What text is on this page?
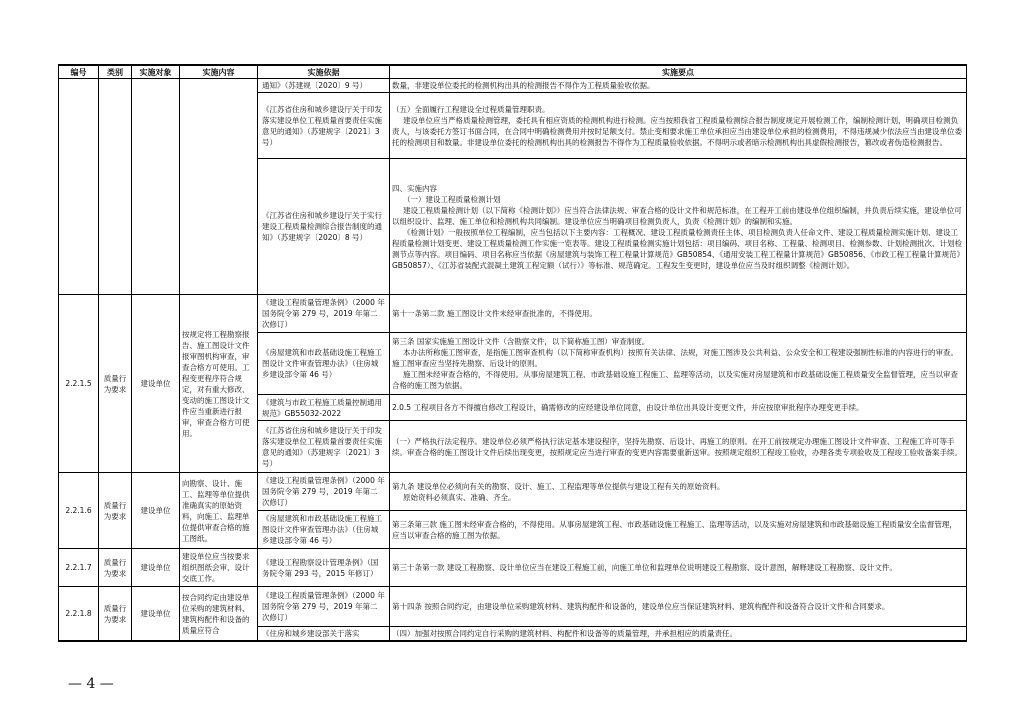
编号	类别	实施对象	实施内容	实施依据	实施要点
				通知》（苏建规〔2020〕9 号）	数量，非建设单位委托的检测机构出具的检测报告不得作为工程质量验收依据。
				《江苏省住房和城乡建设厅关于印发落实建设单位工程质量首要责任实施意见的通知》（苏建规字〔2021〕3 号）	（五）全面履行工程建设全过程质量管理职责。
建设单位应当严格质量检测管理，委托具有相应资质的检测机构进行检测。应当按照我省工程质量检测综合报告制度规定开展检测工作，编制检测计划，明确项目检测负责人，与该委托方签订书面合同，在合同中明确检测费用并按时足额支付。禁止变相要求施工单位承担应当由建设单位承担的检测费用，不得违规减少依法应当由建设单位委托的检测项目和数量。非建设单位委托的检测机构出具的检测报告不得作为工程质量验收依据。不得明示或者暗示检测机构出具虚假检测报告，篡改或者伪造检测报告。

				《江苏省住房和城乡建设厅关于实行建设工程质量检测综合报告制度的通知》（苏建规字〔2020〕8 号）	四、实施内容
（一）建设工程质量检测计划
建设工程质量检测计划（以下简称《检测计划》）应当符合法律法规、审查合格的设计文件和规范标准，在工程开工前由建设单位组织编制，并负责后续实施，建设单位可以组织设计、监理、施工单位和检测机构共同编制。建设单位应当明确项目检测负责人，负责《检测计划》的编制和实施。
《检测计划》一般按照单位工程编制，应当包括以下主要内容：工程概况、建设工程质量检测责任主体、项目检测负责人任命文件、建设工程质量检测实施计划、建设工程质量检测计划变更、建设工程质量检测工作实施一览表等。建设工程质量检测实施计划包括：项目编码、项目名称、工程量、检测项目、检测参数、计划检测批次、计划检测节点等内容。项目编码、项目名称应当依据《房屋建筑与装饰工程工程量计算规范》GB50854、《通用安装工程工程量计算规范》GB50856、《市政工程工程量计算规范》GB50857）、《江苏省装配式混凝土建筑工程定额（试行）》等标准、规范确定。工程发生变更时，建设单位应当及时组织调整《检测计划》。

2.2.1.5	质量行为要求	建设单位	按规定将工程勘察报告、施工图设计文件报审图机构审查，审查合格方可使用。工程变更程序符合规定，对有重大修改、变动的施工图设计文件应当重新进行报审，审查合格方可使用。	《建设工程质量管理条例》（2000 年国务院令第 279 号，2019 年第二次修订）	第十一条第二款 施工图设计文件未经审查批准的，不得使用。
				《房屋建筑和市政基础设施工程施工图设计文件审查管理办法》（住房城乡建设部令第 46 号）	第三条 国家实施施工图设计文件（含勘察文件，以下简称施工图）审查制度。
本办法所称施工图审查，是指施工图审查机构（以下简称审查机构）按照有关法律、法规，对施工图涉及公共利益、公众安全和工程建设强制性标准的内容进行的审查。施工图审查应当坚持先勘察、后设计的原则。
施工图未经审查合格的，不得使用。从事房屋建筑工程、市政基础设施工程施工、监理等活动，以及实施对房屋建筑和市政基础设施工程质量安全监督管理，应当以审查合格的施工图为依据。

				《建筑与市政工程施工质量控制通用规范》GB55032-2022	2.0.5 工程项目各方不得擅自修改工程设计，确需修改的应经建设单位同意，由设计单位出具设计变更文件，并应按原审批程序办理变更手续。
				《江苏省住房和城乡建设厅关于印发落实建设单位工程质量首要责任实施意见的通知》（苏建规字〔2021〕3 号）	（一）严格执行法定程序。建设单位必须严格执行法定基本建设程序，坚持先勘察、后设计、再施工的原则。在开工前按规定办理施工图设计文件审查、工程施工许可等手续。审查合格的施工图设计文件后续出现变更，按照规定应当进行审查的变更内容需要重新送审。按照规定组织工程竣工验收，办理各类专项验收及工程竣工验收备案手续。
2.2.1.6	质量行为要求	建设单位	向勘察、设计、施工、监理等单位提供准确真实的原始资料，向施工、监理单位提供审查合格的施工图纸。	《建设工程质量管理条例》（2000 年国务院令第 279 号，2019 年第二次修订）	第九条 建设单位必须向有关的勘察、设计、施工、工程监理等单位提供与建设工程有关的原始资料。
原始资料必须真实、准确、齐全。

				《房屋建筑和市政基础设施工程施工图设计文件审查管理办法》（住房城乡建设部令第 46 号）	第三条第三款 施工图未经审查合格的，不得使用。从事房屋建筑工程、市政基础设施工程施工、监理等活动，以及实施对房屋建筑和市政基础设施工程质量安全监督管理，应当以审查合格的施工图为依据。
2.2.1.7	质量行为要求	建设单位	建设单位应当按要求组织图纸会审、设计交底工作。	《建设工程勘察设计管理条例》（国务院令第 293 号，2015 年修订）	第三十条第一款 建设工程勘察、设计单位应当在建设工程施工前，向施工单位和监理单位说明建设工程勘察、设计意图，解释建设工程勘察、设计文件。
2.2.1.8	质量行为要求	建设单位	按合同约定由建设单位采购的建筑材料、建筑构配件和设备的质量应符合	《建设工程质量管理条例》（2000 年国务院令第 279 号，2019 年第二次修订）	第十四条 按照合同约定，由建设单位采购建筑材料、建筑构配件和设备的，建设单位应当保证建筑材料、建筑构配件和设备符合设计文件和合同要求。
				《住房和城乡建设部关于落实	（四）加强对按照合同约定自行采购的建筑材料、构配件和设备等的质量管理，并承担相应的质量责任。
— 4 —
